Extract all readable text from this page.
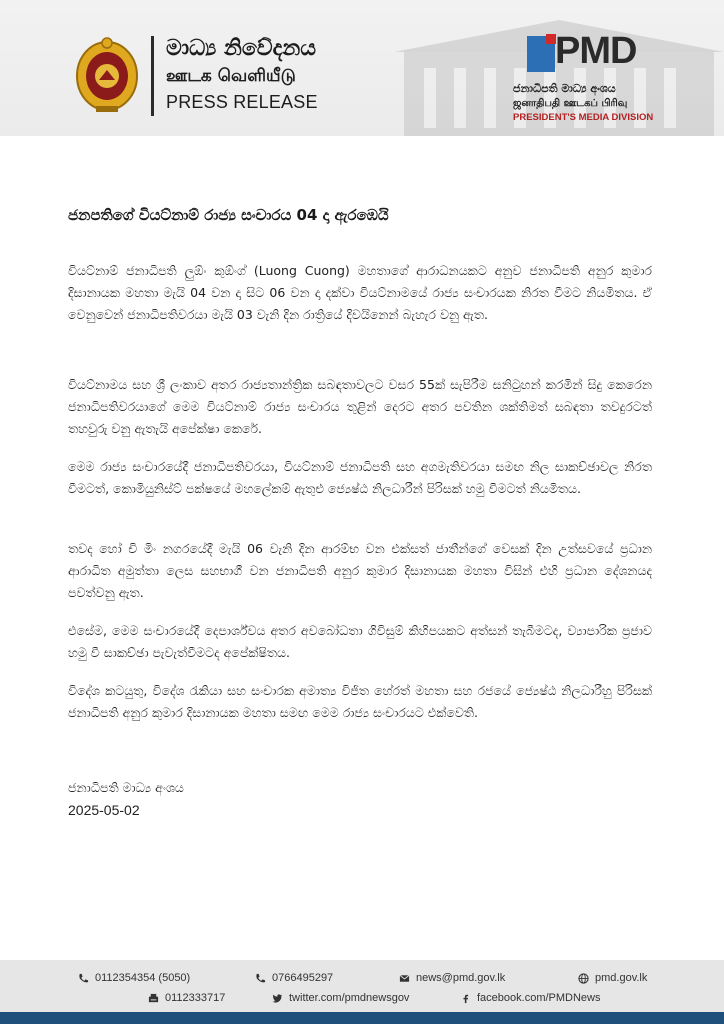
මාධ්‍ය නිවේදනය
ஊடக வெளியீடு
PRESS RELEASE
PMD
ජනාධිපති මාධ්‍ය අංශය
ஜனாதிபதி ஊடகப் பிரிவு
PRESIDENT'S MEDIA DIVISION
ජනපතිගේ වියට්නාම් රාජ්‍ය සංචාරය 04 දා ඇරඹෙයි
වියට්නාම් ජනාධිපති ලුඕං කුඕංග් (Luong Cuong) මහතාගේ ආරාධනයකට අනුව ජනාධිපති අනුර කුමාර දිසානායක මහතා මැයි 04 වන දා සිට 06 වන දා දක්වා වියට්නාමයේ රාජ්‍ය සංචාරයක නිරත වීමට නියමිතය. ඒ වෙනුවෙන් ජනාධිපතිවරයා මැයි 03 වැනි දින රාත්‍රියේ දිවයිනෙන් බැහැර වනු ඇත.
වියට්නාමය සහ ශ්‍රී ලංකාව අතර රාජ්‍යතාන්ත්‍රික සබඳතාවලට වසර 55ක් සැපිරීම සනිටුහන් කරමින් සිදු කෙරෙන ජනාධිපතිවරයාගේ මෙම වියට්නාම් රාජ්‍ය සංචාරය තුළින් දෙරට අතර පවතින ශක්තිමත් සබඳතා තවදුරටත් තහවුරු වනු ඇතැයි අපේක්ෂා කෙරේ.
මෙම රාජ්‍ය සංචාරයේදී ජනාධිපතිවරයා, වියට්නාම් ජනාධිපති සහ අගමැතිවරයා සමඟ නිල සාකච්ඡාවල නිරත වීමටත්, කොමියුනිස්ට් පක්ෂයේ මහලේකම් ඇතුළු ජ්‍යෙෂ්ඨ නිලධාරීන් පිරිසක් හමු වීමටත් නියමිතය.
තවද හෝ චි මිං නගරයේදී මැයි 06 වැනි දින ආරම්භ වන එක්සත් ජාතීන්ගේ වෙසක් දින උත්සවයේ ප්‍රධාන ආරාධිත අමුත්තා ලෙස සහභාගී වන ජනාධිපති අනුර කුමාර දිසානායක මහතා විසින් එහි ප්‍රධාන දේශනයද පවත්වනු ඇත.
එසේම, මෙම සංචාරයේදී දෙපාර්ශ්වය අතර අවබෝධතා ගිවිසුම් කිහිපයකට අත්සන් තැබීමටද, ව්‍යාපාරික ප්‍රජාව හමු වී සාකච්ඡා පැවැත්වීමටද අපේක්ෂිතය.
විදේශ කටයුතු, විදේශ රැකියා සහ සංචාරක අමාත්‍ය විජිත හේරත් මහතා සහ රජයේ ජ්‍යෙෂ්ඨ නිලධාරීහු පිරිසක් ජනාධිපති අනුර කුමාර දිසානායක මහතා සමඟ මෙම රාජ්‍ය සංචාරයට එක්වෙති.
ජනාධිපති මාධ්‍ය අංශය
2025-05-02
0112354354 (5050)	0766495297	news@pmd.gov.lk	pmd.gov.lk
0112333717	twitter.com/pmdnewsgov	facebook.com/PMDNews
